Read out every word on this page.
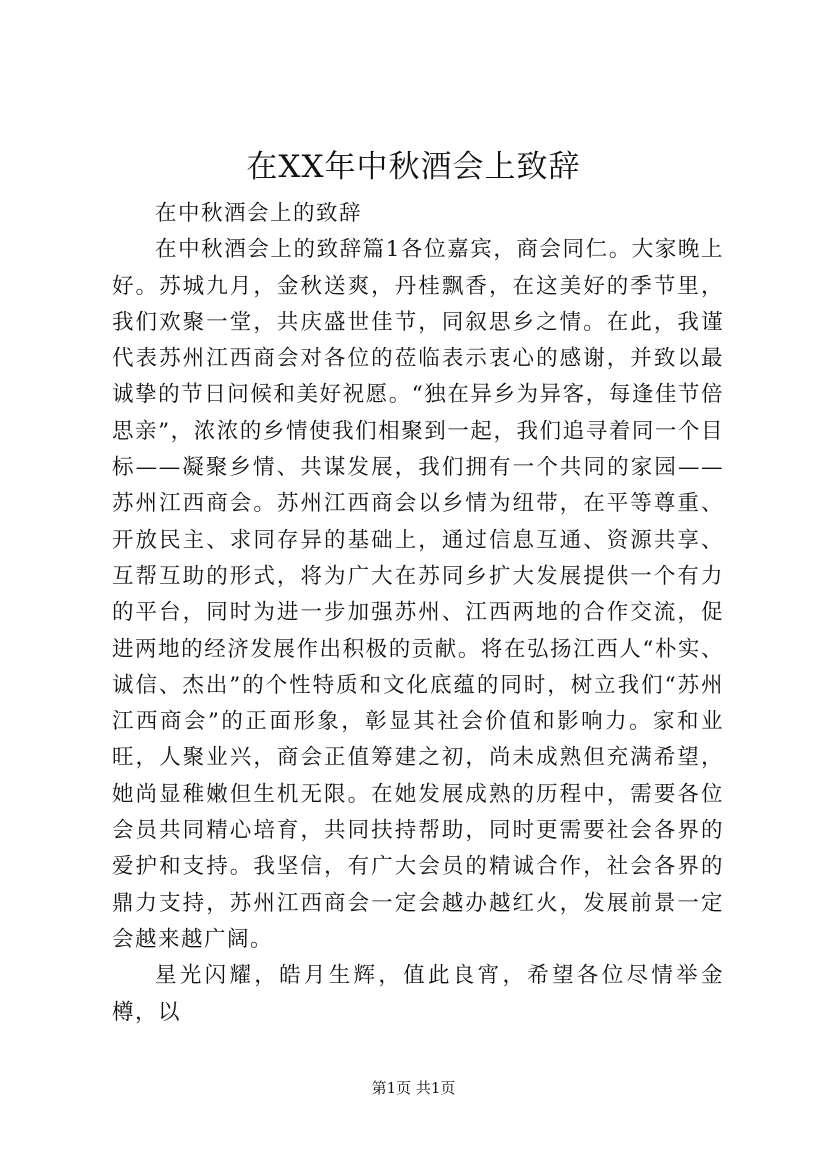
在XX年中秋酒会上致辞

在中秋酒会上的致辞

在中秋酒会上的致辞篇1各位嘉宾，商会同仁。大家晚上好。苏城九月，金秋送爽，丹桂飘香，在这美好的季节里，我们欢聚一堂，共庆盛世佳节，同叙思乡之情。在此，我谨代表苏州江西商会对各位的莅临表示衷心的感谢，并致以最诚挚的节日问候和美好祝愿。“独在异乡为异客，每逢佳节倍思亲”，浓浓的乡情使我们相聚到一起，我们追寻着同一个目标——凝聚乡情、共谋发展，我们拥有一个共同的家园——苏州江西商会。苏州江西商会以乡情为纽带，在平等尊重、开放民主、求同存异的基础上，通过信息互通、资源共享、互帮互助的形式，将为广大在苏同乡扩大发展提供一个有力的平台，同时为进一步加强苏州、江西两地的合作交流，促进两地的经济发展作出积极的贡献。将在弘扬江西人“朴实、诚信、杰出”的个性特质和文化底蕴的同时，树立我们“苏州江西商会”的正面形象，彰显其社会价值和影响力。家和业旺，人聚业兴，商会正值筹建之初，尚未成熟但充满希望，她尚显稚嫩但生机无限。在她发展成熟的历程中，需要各位会员共同精心培育，共同扶持帮助，同时更需要社会各界的爱护和支持。我坚信，有广大会员的精诚合作，社会各界的鼎力支持，苏州江西商会一定会越办越红火，发展前景一定会越来越广阔。

星光闪耀，皓月生辉，值此良宵，希望各位尽情举金樽，以

第1页 共1页
